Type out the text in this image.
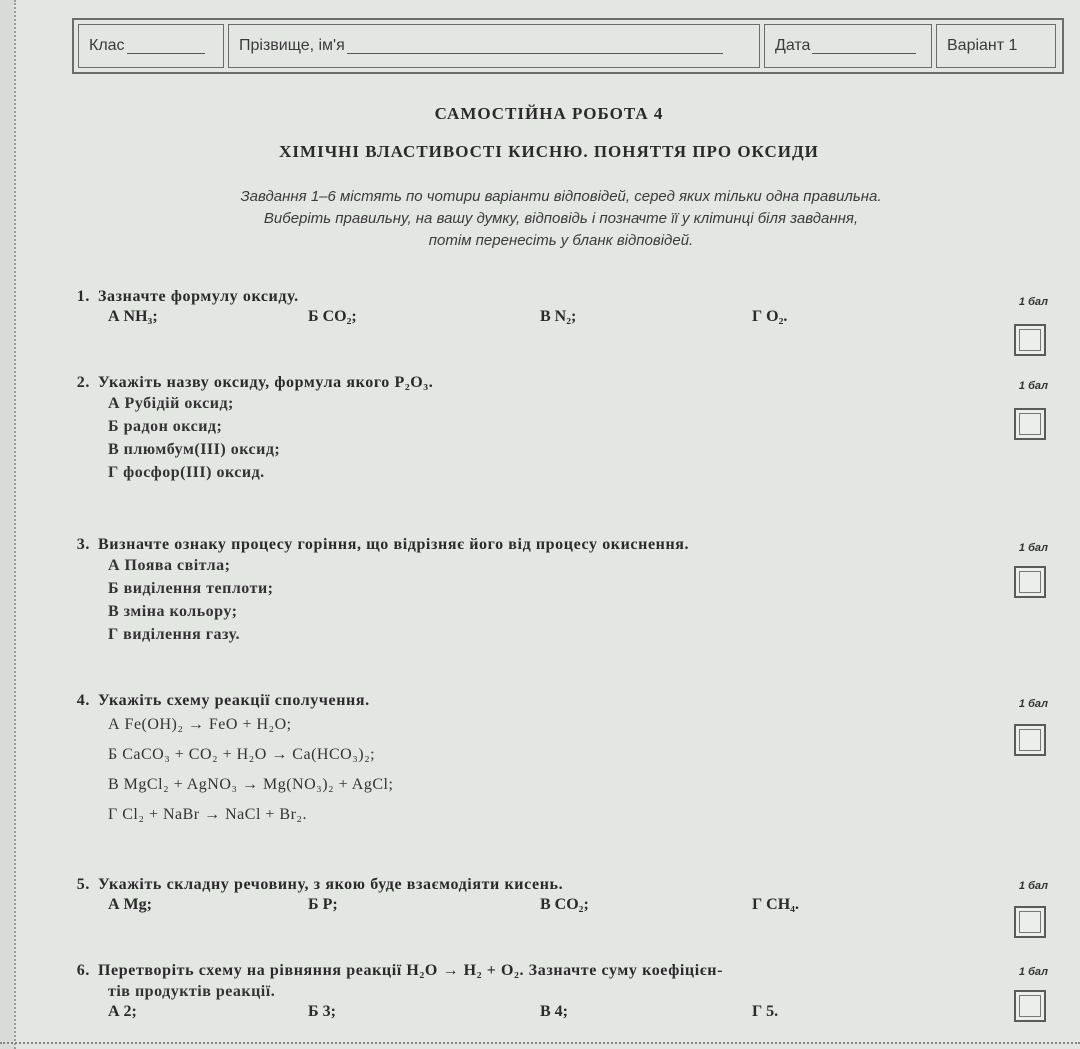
Клас	Прізвище, ім'я	Дата	Варіант 1
САМОСТІЙНА РОБОТА 4
ХІМІЧНІ ВЛАСТИВОСТІ КИСНЮ. ПОНЯТТЯ ПРО ОКСИДИ
Завдання 1–6 містять по чотири варіанти відповідей, серед яких тільки одна правильна.
Виберіть правильну, на вашу думку, відповідь і позначте її у клітинці біля завдання,
потім перенесіть у бланк відповідей.
1. Зазначте формулу оксиду.
А NH₃;	Б CO₂;	В N₂;	Г O₂.
1 бал
2. Укажіть назву оксиду, формула якого P₂O₃.
А Рубідій оксид;
Б радон оксид;
В плюмбум(ІІІ) оксид;
Г фосфор(ІІІ) оксид.
1 бал
3. Визначте ознаку процесу горіння, що відрізняє його від процесу окиснення.
А Поява світла;
Б виділення теплоти;
В зміна кольору;
Г виділення газу.
1 бал
4. Укажіть схему реакції сполучення.
А Fe(OH)₂ → FeO + H₂O;
Б CaCO₃ + CO₂ + H₂O → Ca(HCO₃)₂;
В MgCl₂ + AgNO₃ → Mg(NO₃)₂ + AgCl;
Г Cl₂ + NaBr → NaCl + Br₂.
1 бал
5. Укажіть складну речовину, з якою буде взаємодіяти кисень.
А Mg;	Б P;	В CO₂;	Г CH₄.
1 бал
6. Перетворіть схему на рівняння реакції H₂O → H₂ + O₂. Зазначте суму коефіцієн-
тів продуктів реакції.
А 2;	Б 3;	В 4;	Г 5.
1 бал
